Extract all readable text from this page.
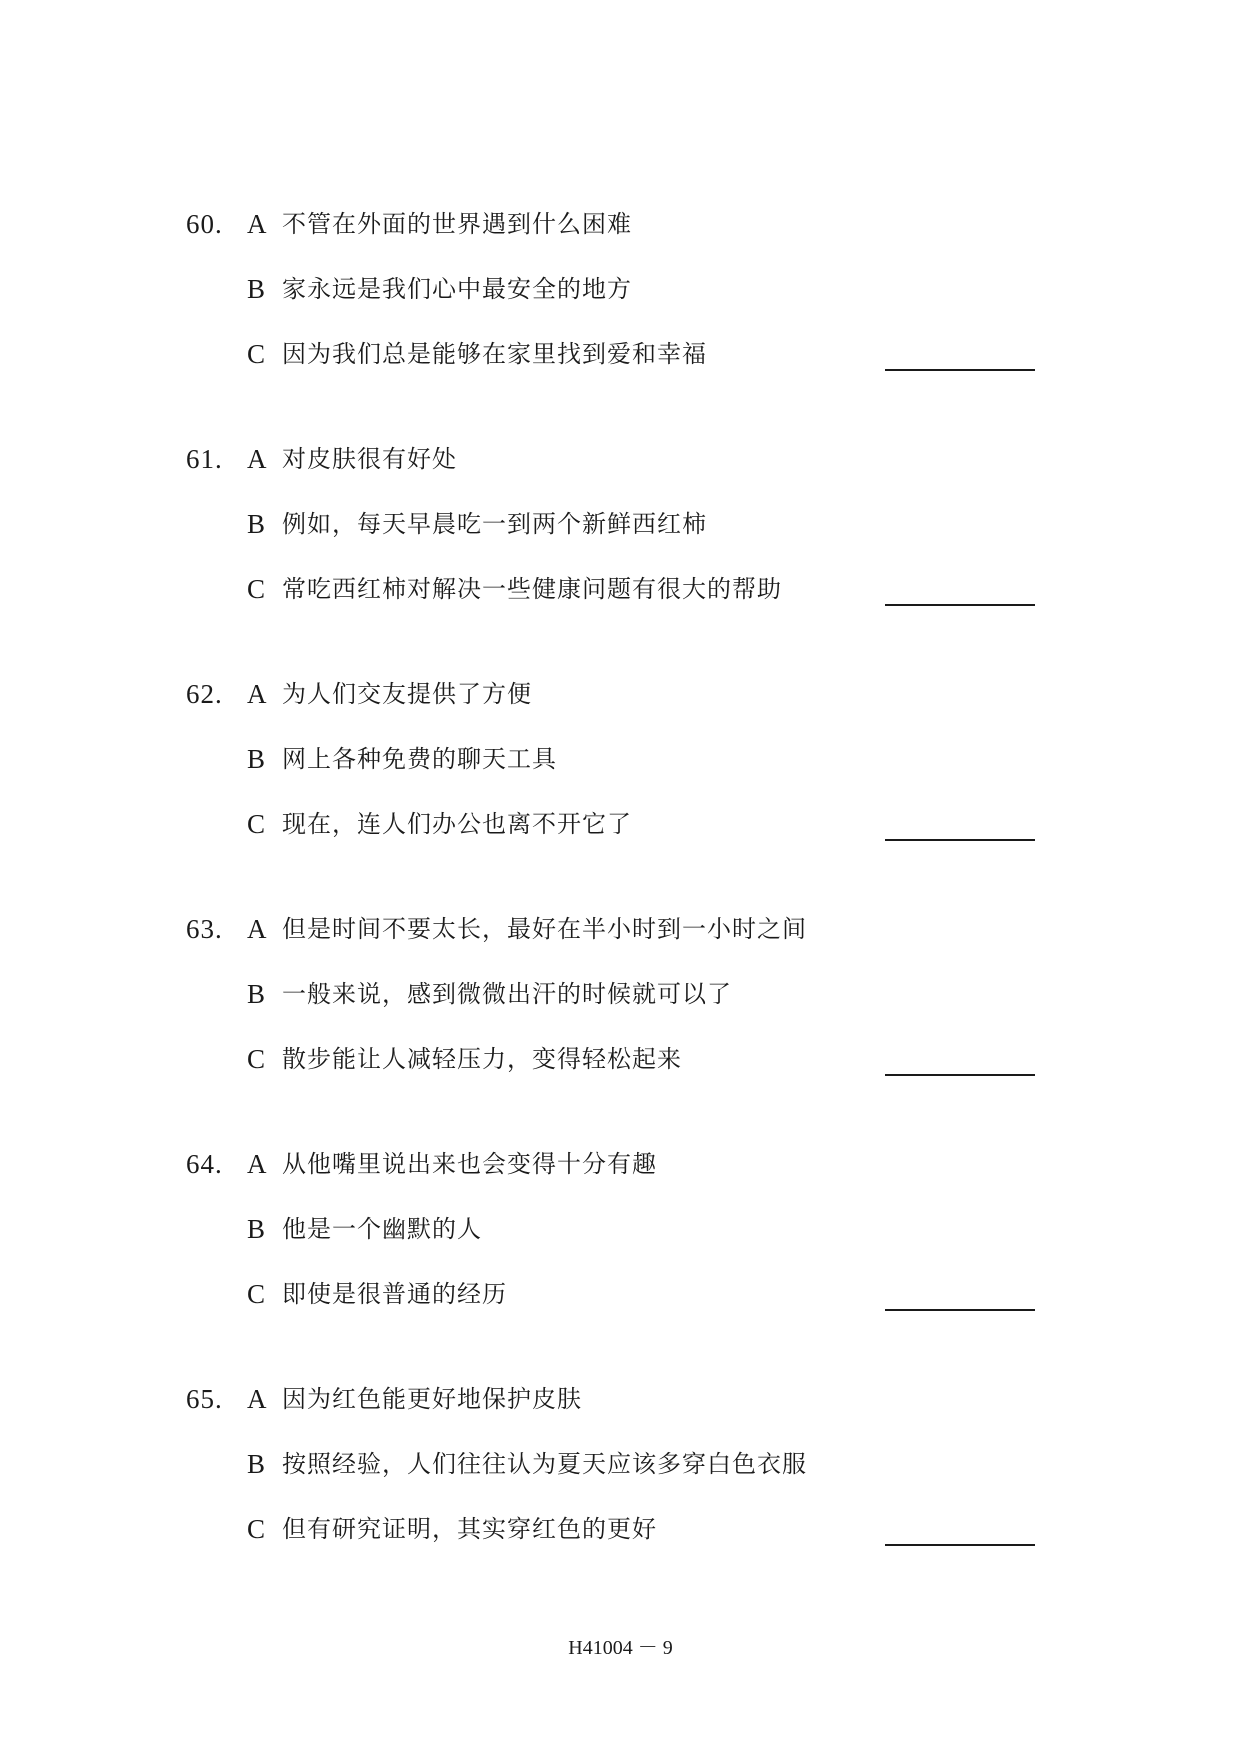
60. A 不管在外面的世界遇到什么困难
B 家永远是我们心中最安全的地方
C 因为我们总是能够在家里找到爱和幸福
61. A 对皮肤很有好处
B 例如，每天早晨吃一到两个新鲜西红柿
C 常吃西红柿对解决一些健康问题有很大的帮助
62. A 为人们交友提供了方便
B 网上各种免费的聊天工具
C 现在，连人们办公也离不开它了
63. A 但是时间不要太长，最好在半小时到一小时之间
B 一般来说，感到微微出汗的时候就可以了
C 散步能让人减轻压力，变得轻松起来
64. A 从他嘴里说出来也会变得十分有趣
B 他是一个幽默的人
C 即使是很普通的经历
65. A 因为红色能更好地保护皮肤
B 按照经验，人们往往认为夏天应该多穿白色衣服
C 但有研究证明，其实穿红色的更好
H41004 － 9
